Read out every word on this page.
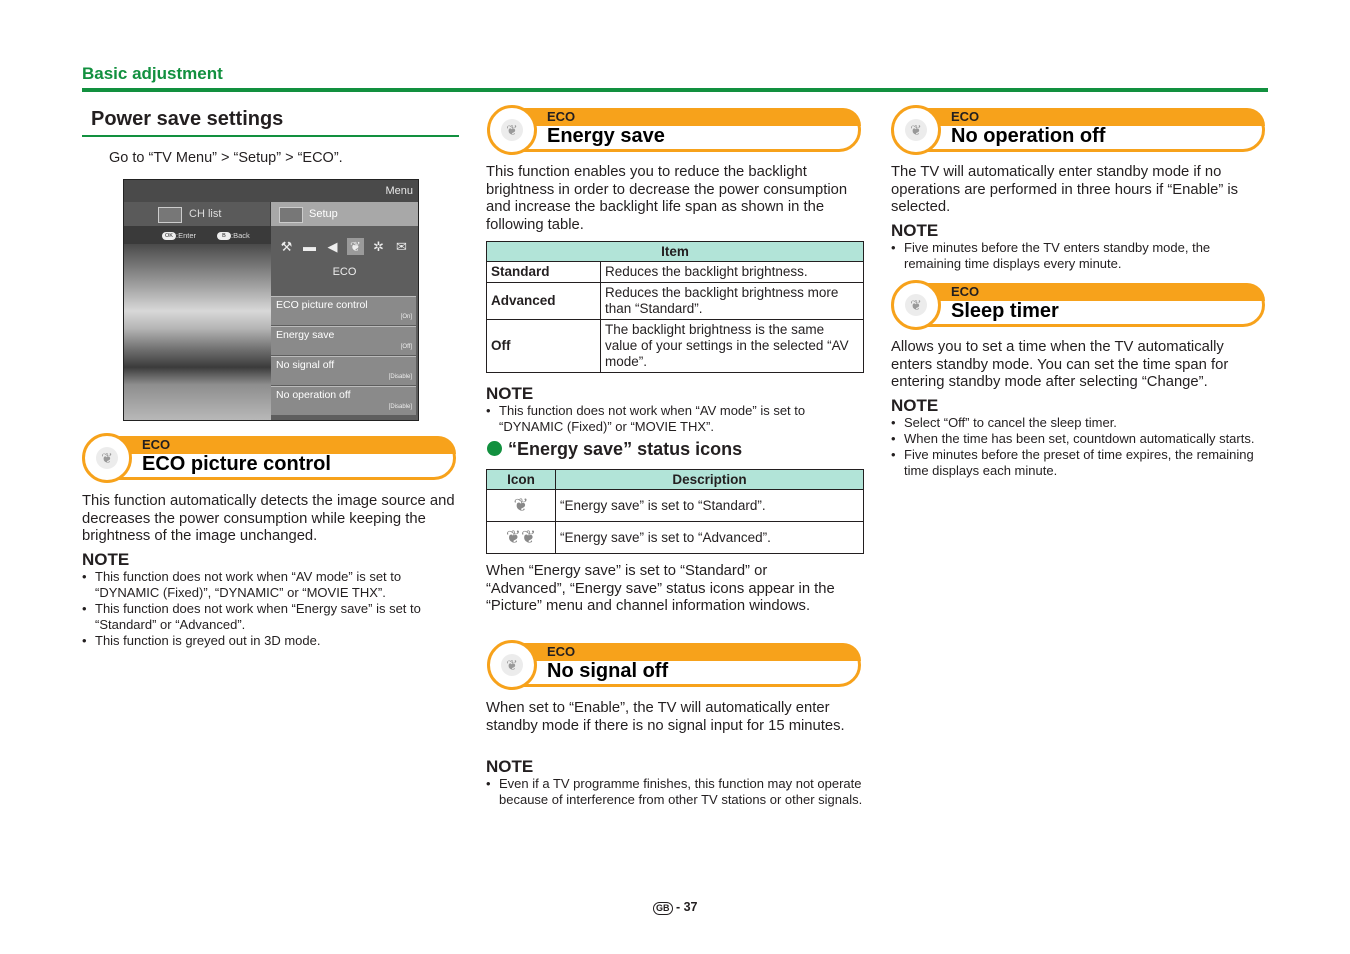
Basic adjustment
Power save settings
Go to “TV Menu” > “Setup” > “ECO”.
Menu
CH list	Setup
OK :Enter	B :Back
⚒ ▬ ◀ ❦ ✲ ✉
ECO
ECO picture control
[On]
Energy save
[Off]
No signal off
[Disable]
No operation off
[Disable]
❦
ECO
ECO picture control
This function automatically detects the image source and decreases the power consumption while keeping the brightness of the image unchanged.
NOTE
• This function does not work when “AV mode” is set to “DYNAMIC (Fixed)”, “DYNAMIC” or “MOVIE THX”.
• This function does not work when “Energy save” is set to “Standard” or “Advanced”.
• This function is greyed out in 3D mode.
❦
ECO
Energy save
This function enables you to reduce the backlight brightness in order to decrease the power consumption and increase the backlight life span as shown in the following table.
Item	
Standard	Reduces the backlight brightness.
Advanced	Reduces the backlight brightness more than “Standard”.
Off	The backlight brightness is the same value of your settings in the selected “AV mode”.
NOTE
• This function does not work when “AV mode” is set to “DYNAMIC (Fixed)” or “MOVIE THX”.
“Energy save” status icons
Icon	Description
❦	“Energy save” is set to “Standard”.
❦❦	“Energy save” is set to “Advanced”.
When “Energy save” is set to “Standard” or “Advanced”, “Energy save” status icons appear in the “Picture” menu and channel information windows.
❦
ECO
No signal off
When set to “Enable”, the TV will automatically enter standby mode if there is no signal input for 15 minutes.
NOTE
• Even if a TV programme finishes, this function may not operate because of interference from other TV stations or other signals.
❦
ECO
No operation off
The TV will automatically enter standby mode if no operations are performed in three hours if “Enable” is selected.
NOTE
• Five minutes before the TV enters standby mode, the remaining time displays every minute.
❦
ECO
Sleep timer
Allows you to set a time when the TV automatically enters standby mode. You can set the time span for entering standby mode after selecting “Change”.
NOTE
• Select “Off” to cancel the sleep timer.
• When the time has been set, countdown automatically starts.
• Five minutes before the preset of time expires, the remaining time displays each minute.
GB - 37
